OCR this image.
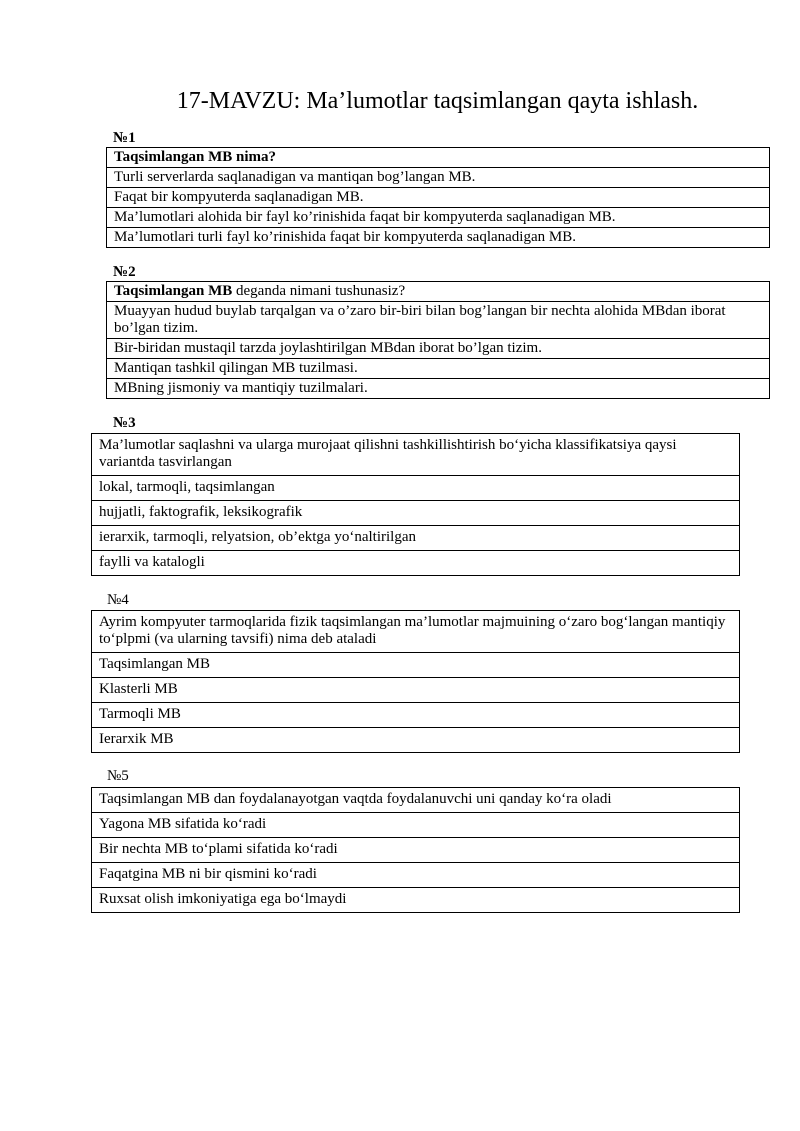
17-MAVZU: Ma’lumotlar taqsimlangan qayta ishlash.
№1
Taqsimlangan MB nima?
Turli serverlarda saqlanadigan va mantiqan bog’langan MB.
Faqat bir kompyuterda saqlanadigan MB.
Ma’lumotlari alohida bir fayl ko’rinishida faqat bir kompyuterda saqlanadigan MB.
Ma’lumotlari turli fayl ko’rinishida faqat bir kompyuterda saqlanadigan MB.
№2
Taqsimlangan MB deganda nimani tushunasiz?
Muayyan hudud buylab tarqalgan va o’zaro bir-biri bilan bog’langan bir nechta alohida MBdan iborat bo’lgan tizim.
Bir-biridan mustaqil tarzda joylashtirilgan MBdan iborat bo’lgan tizim.
Mantiqan tashkil qilingan MB tuzilmasi.
MBning jismoniy va mantiqiy tuzilmalari.
№3
Ma’lumotlar saqlashni va ularga murojaat qilishni tashkillishtirish bo‘yicha klassifikatsiya qaysi variantda tasvirlangan
lokal, tarmoqli, taqsimlangan
hujjatli, faktografik, leksikografik
ierarxik, tarmoqli, relyatsion, ob’ektga yo‘naltirilgan
faylli va katalogli
№4
Ayrim kompyuter tarmoqlarida fizik taqsimlangan ma’lumotlar majmuining o‘zaro bog‘langan mantiqiy to‘plpmi (va ularning tavsifi) nima deb ataladi
Taqsimlangan MB
Klasterli MB
Tarmoqli MB
Ierarxik MB
№5
Taqsimlangan MB dan foydalanayotgan vaqtda foydalanuvchi uni qanday ko‘ra oladi
Yagona MB sifatida ko‘radi
Bir nechta MB to‘plami sifatida ko‘radi
Faqatgina MB ni bir qismini ko‘radi
Ruxsat olish imkoniyatiga ega bo‘lmaydi
